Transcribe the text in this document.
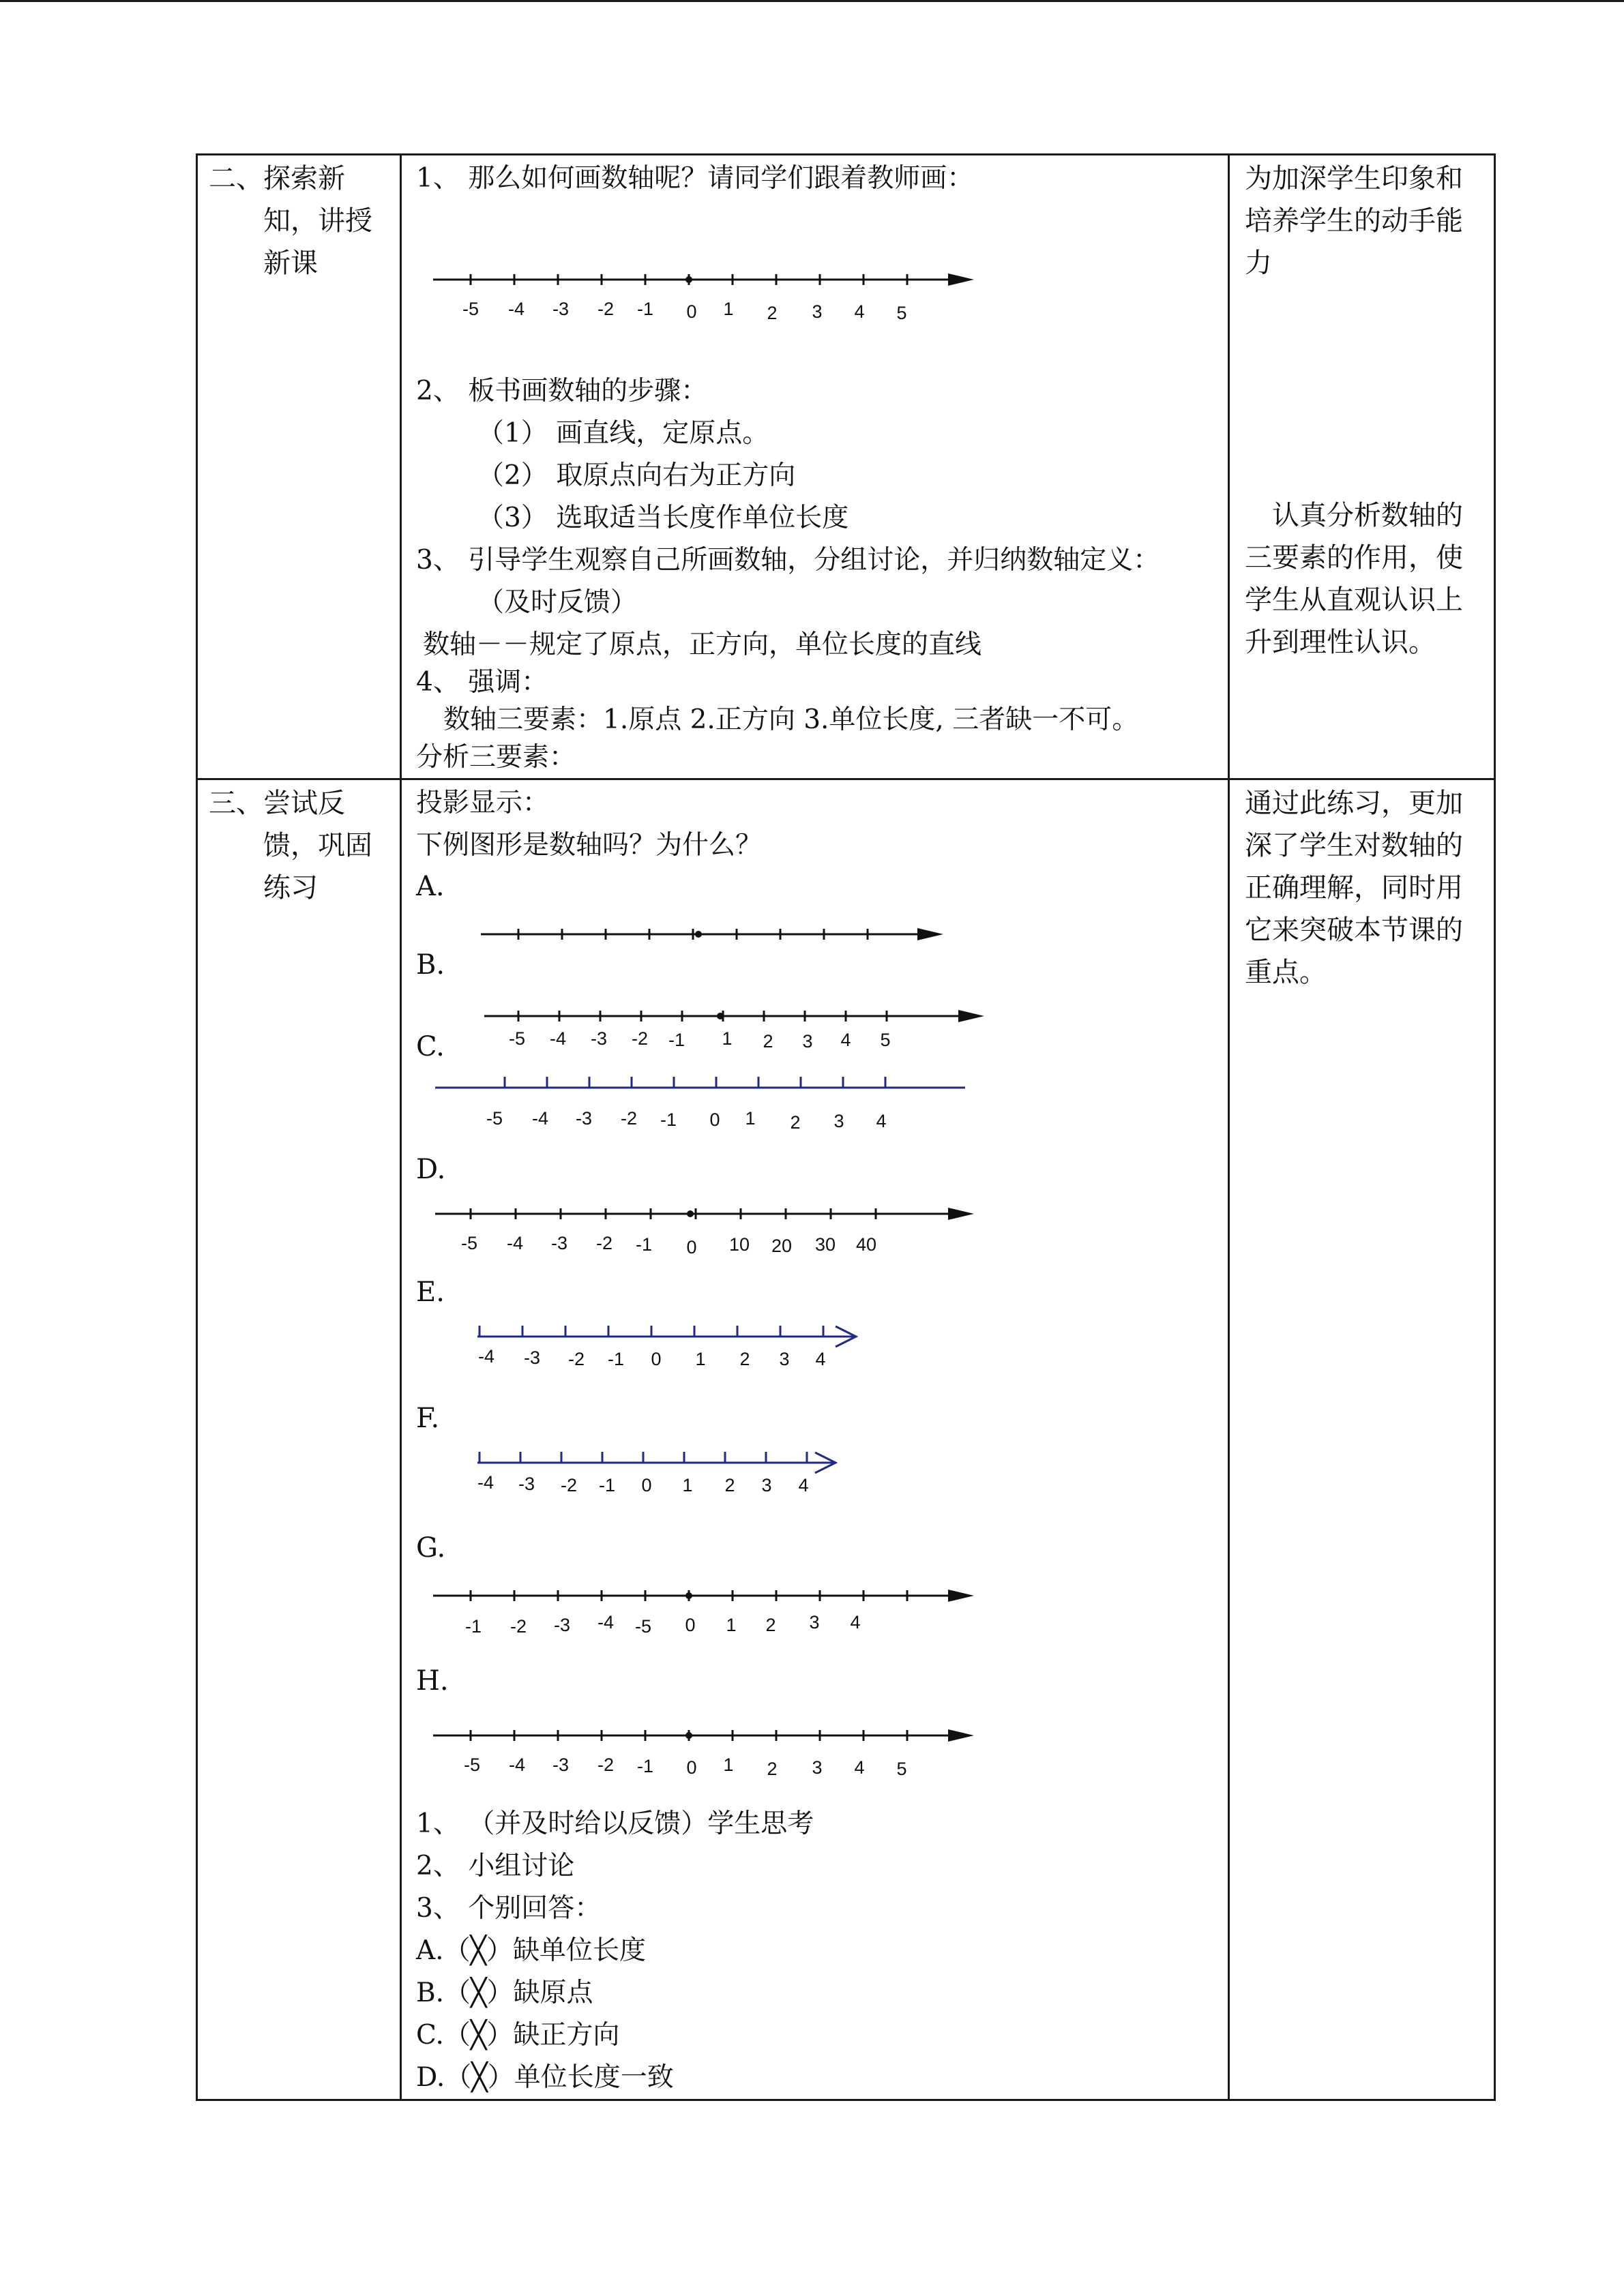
二、探索新
知，讲授
新课
1、 那么如何画数轴呢？请同学们跟着教师画：
-5 -4 -3 -2 -1 0 1 2 3 4 5
2、 板书画数轴的步骤：
（1） 画直线，定原点。
（2） 取原点向右为正方向
（3） 选取适当长度作单位长度
3、 引导学生观察自己所画数轴，分组讨论，并归纳数轴定义：
（及时反馈）
数轴－－规定了原点，正方向，单位长度的直线
4、 强调：
数轴三要素：1.原点 2.正方向 3.单位长度, 三者缺一不可。
分析三要素：
为加深学生印象和
培养学生的动手能
力
认真分析数轴的
三要素的作用，使
学生从直观认识上
升到理性认识。
三、尝试反
馈，巩固
练习
投影显示：
下例图形是数轴吗？为什么？
通过此练习，更加
深了学生对数轴的
正确理解，同时用
它来突破本节课的
重点。
A.
B.
-5 -4 -3 -2 -1 1 2 3 4 5
C.
-5 -4 -3 -2 -1 0 1 2 3 4
D.
-5 -4 -3 -2 -1 0 10 20 30 40
E.
-4 -3 -2 -1 0 1 2 3 4
F.
-4 -3 -2 -1 0 1 2 3 4
G.
-1 -2 -3 -4 -5 0 1 2 3 4
H.
-5 -4 -3 -2 -1 0 1 2 3 4 5
1、 （并及时给以反馈）学生思考
2、 小组讨论
3、 个别回答：
A.（╳）缺单位长度
B.（╳）缺原点
C.（╳）缺正方向
D.（╳）单位长度一致
